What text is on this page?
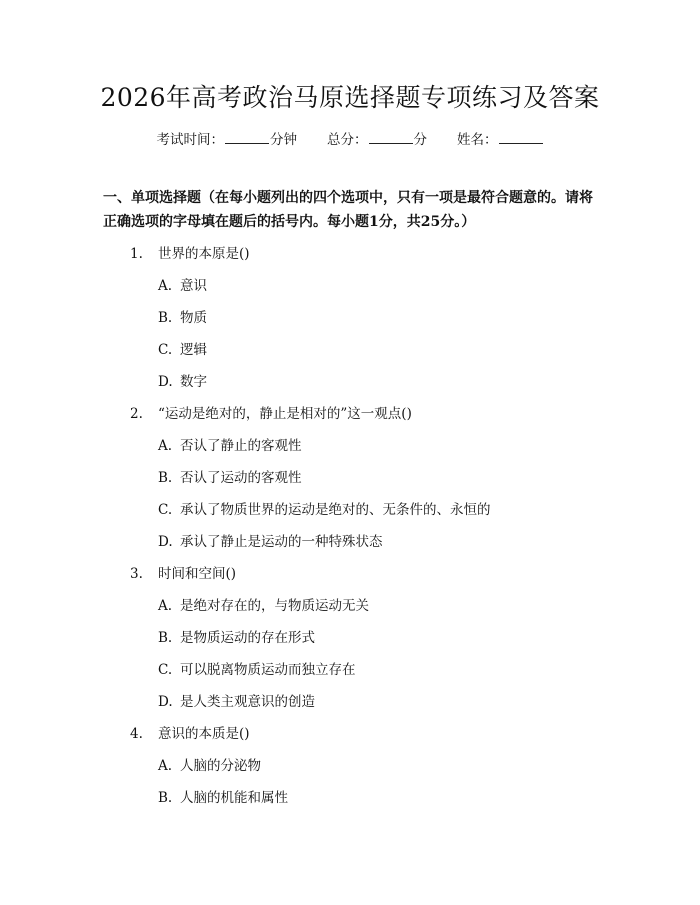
2026年高考政治马原选择题专项练习及答案
考试时间：	分钟 总分：	分 姓名：
一、单项选择题（在每小题列出的四个选项中，只有一项是最符合题意的。请将正确选项的字母填在题后的括号内。每小题1分，共25分。）
1. 世界的本原是()
A. 意识
B. 物质
C. 逻辑
D. 数字
2. “运动是绝对的，静止是相对的”这一观点()
A. 否认了静止的客观性
B. 否认了运动的客观性
C. 承认了物质世界的运动是绝对的、无条件的、永恒的
D. 承认了静止是运动的一种特殊状态
3. 时间和空间()
A. 是绝对存在的，与物质运动无关
B. 是物质运动的存在形式
C. 可以脱离物质运动而独立存在
D. 是人类主观意识的创造
4. 意识的本质是()
A. 人脑的分泌物
B. 人脑的机能和属性
